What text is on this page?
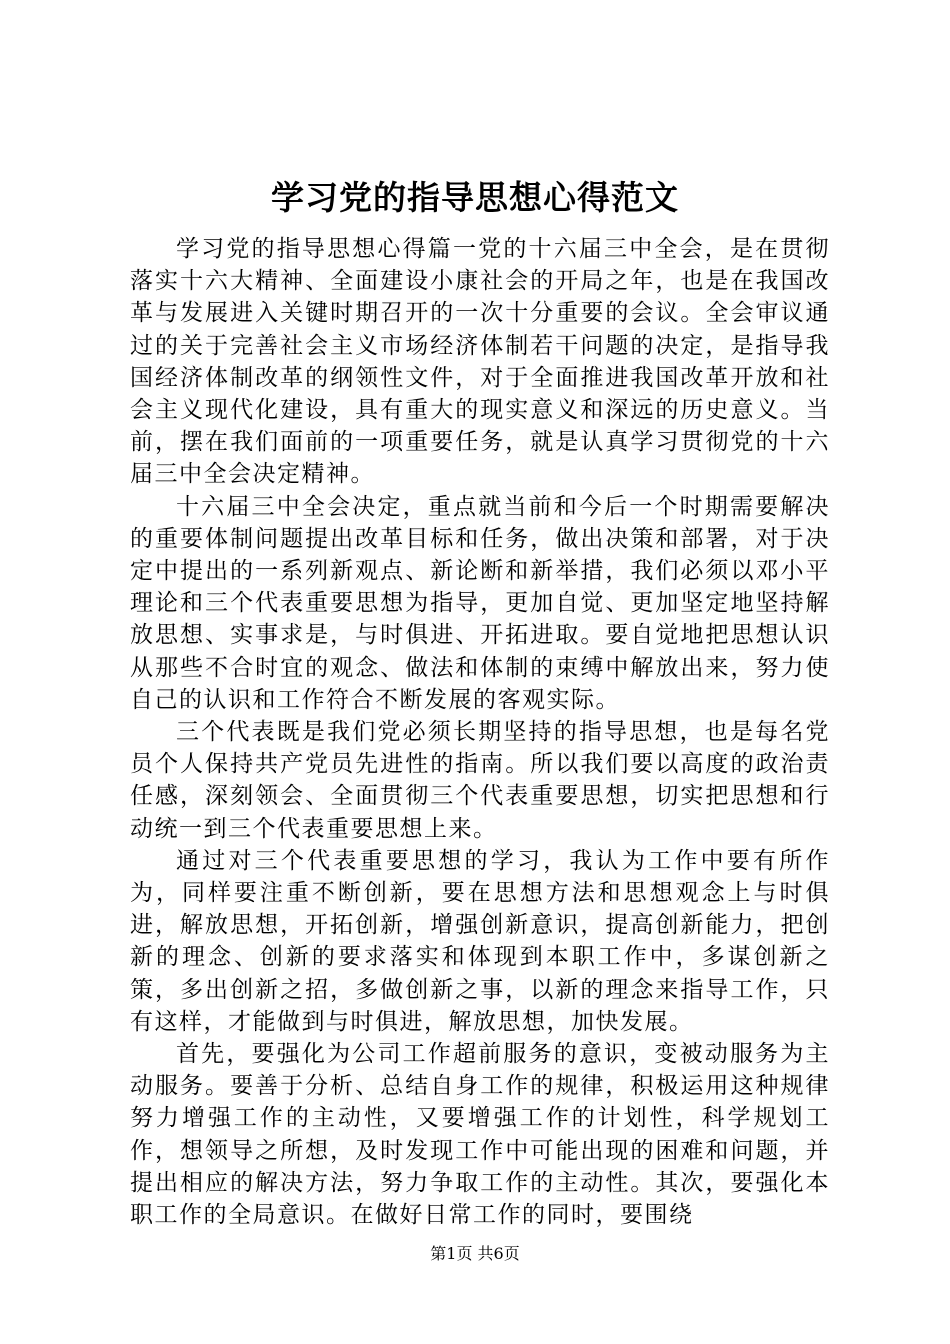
学习党的指导思想心得范文

学习党的指导思想心得篇一党的十六届三中全会，是在贯彻落实十六大精神、全面建设小康社会的开局之年，也是在我国改革与发展进入关键时期召开的一次十分重要的会议。全会审议通过的关于完善社会主义市场经济体制若干问题的决定，是指导我国经济体制改革的纲领性文件，对于全面推进我国改革开放和社会主义现代化建设，具有重大的现实意义和深远的历史意义。当前，摆在我们面前的一项重要任务，就是认真学习贯彻党的十六届三中全会决定精神。

十六届三中全会决定，重点就当前和今后一个时期需要解决的重要体制问题提出改革目标和任务，做出决策和部署，对于决定中提出的一系列新观点、新论断和新举措，我们必须以邓小平理论和三个代表重要思想为指导，更加自觉、更加坚定地坚持解放思想、实事求是，与时俱进、开拓进取。要自觉地把思想认识从那些不合时宜的观念、做法和体制的束缚中解放出来，努力使自己的认识和工作符合不断发展的客观实际。

三个代表既是我们党必须长期坚持的指导思想，也是每名党员个人保持共产党员先进性的指南。所以我们要以高度的政治责任感，深刻领会、全面贯彻三个代表重要思想，切实把思想和行动统一到三个代表重要思想上来。

通过对三个代表重要思想的学习，我认为工作中要有所作为，同样要注重不断创新，要在思想方法和思想观念上与时俱进，解放思想，开拓创新，增强创新意识，提高创新能力，把创新的理念、创新的要求落实和体现到本职工作中，多谋创新之策，多出创新之招，多做创新之事，以新的理念来指导工作，只有这样，才能做到与时俱进，解放思想，加快发展。

首先，要强化为公司工作超前服务的意识，变被动服务为主动服务。要善于分析、总结自身工作的规律，积极运用这种规律努力增强工作的主动性，又要增强工作的计划性，科学规划工作，想领导之所想，及时发现工作中可能出现的困难和问题，并提出相应的解决方法，努力争取工作的主动性。其次，要强化本职工作的全局意识。在做好日常工作的同时，要围绕

第1页 共6页
